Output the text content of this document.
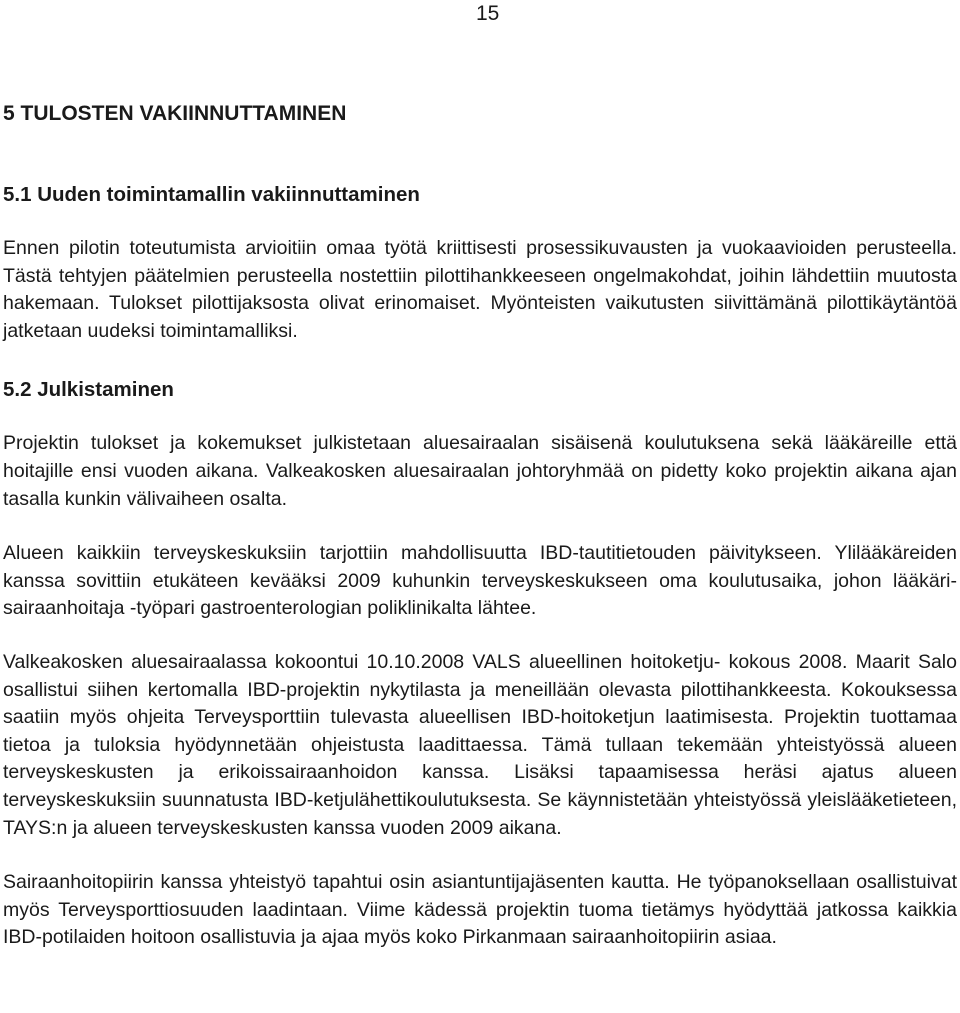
15
5 TULOSTEN VAKIINNUTTAMINEN
5.1 Uuden toimintamallin vakiinnuttaminen

Ennen pilotin toteutumista arvioitiin omaa työtä kriittisesti prosessikuvausten ja vuokaavioiden perusteella. Tästä tehtyjen päätelmien perusteella nostettiin pilottihankkeeseen ongelmakohdat, joihin lähdettiin muutosta hakemaan. Tulokset pilottijaksosta olivat erinomaiset. Myönteisten vaikutusten siivittämänä pilottikäytäntöä jatketaan uudeksi toimintamalliksi.

5.2 Julkistaminen

Projektin tulokset ja kokemukset julkistetaan aluesairaalan sisäisenä koulutuksena sekä lääkäreille että hoitajille ensi vuoden aikana. Valkeakosken aluesairaalan johtoryhmää on pidetty koko projektin aikana ajan tasalla kunkin välivaiheen osalta.

Alueen kaikkiin terveyskeskuksiin tarjottiin mahdollisuutta IBD-tautitietouden päivitykseen. Ylilääkäreiden kanssa sovittiin etukäteen kevääksi 2009 kuhunkin terveyskeskukseen oma koulutusaika, johon lääkäri-sairaanhoitaja -työpari gastroenterologian poliklinikalta lähtee.

Valkeakosken aluesairaalassa kokoontui 10.10.2008 VALS alueellinen hoitoketju- kokous 2008. Maarit Salo osallistui siihen kertomalla IBD-projektin nykytilasta ja meneillään olevasta pilottihankkeesta. Kokouksessa saatiin myös ohjeita Terveysporttiin tulevasta alueellisen IBD-hoitoketjun laatimisesta. Projektin tuottamaa tietoa ja tuloksia hyödynnetään ohjeistusta laadittaessa. Tämä tullaan tekemään yhteistyössä alueen terveyskeskusten ja erikoissairaanhoidon kanssa. Lisäksi tapaamisessa heräsi ajatus alueen terveyskeskuksiin suunnatusta IBD-ketjulähettikoulutuksesta. Se käynnistetään yhteistyössä yleislääketieteen, TAYS:n ja alueen terveyskeskusten kanssa vuoden 2009 aikana.

Sairaanhoitopiirin kanssa yhteistyö tapahtui osin asiantuntijajäsenten kautta. He työpanoksellaan osallistuivat myös Terveysporttiosuuden laadintaan. Viime kädessä projektin tuoma tietämys hyödyttää jatkossa kaikkia IBD-potilaiden hoitoon osallistuvia ja ajaa myös koko Pirkanmaan sairaanhoitopiirin asiaa.
